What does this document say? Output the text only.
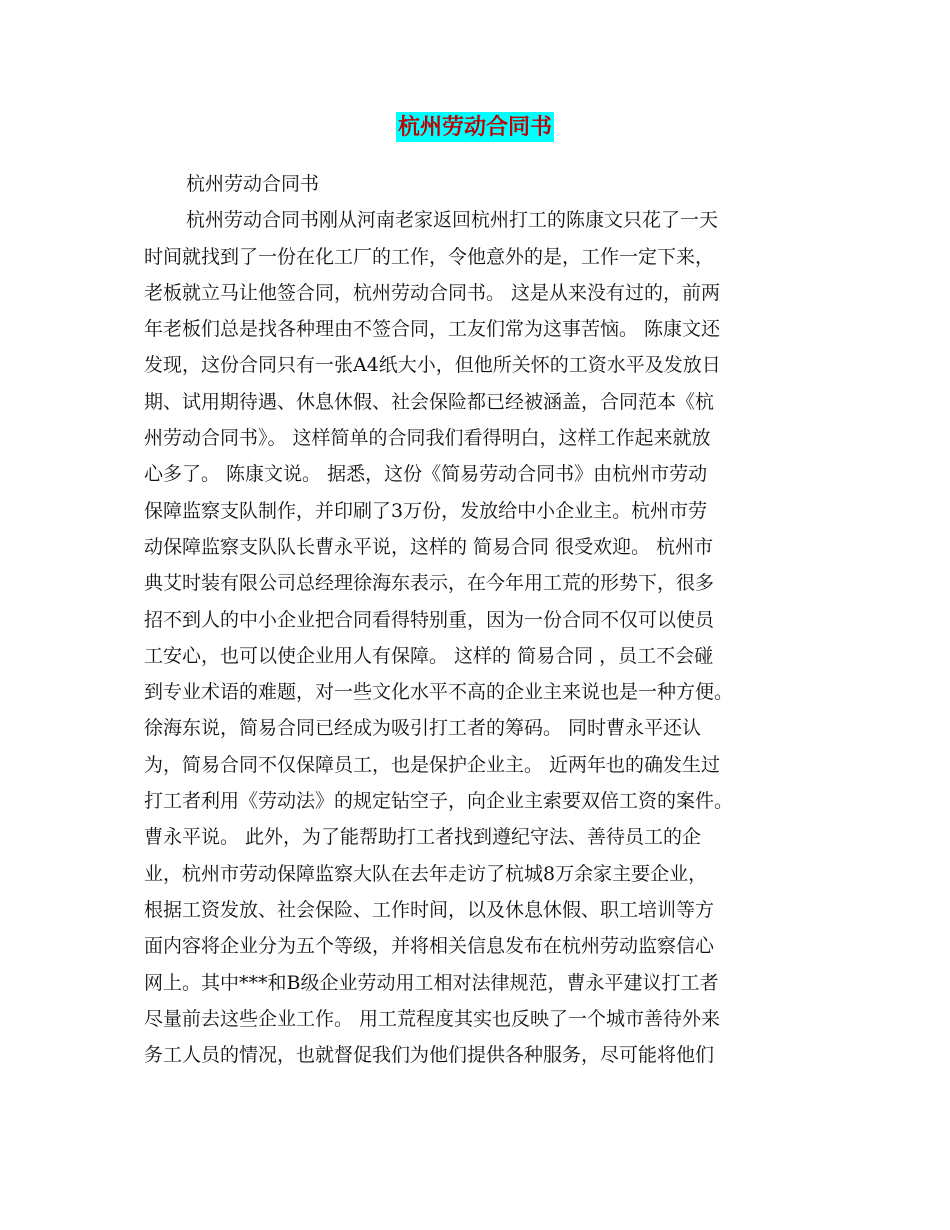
杭州劳动合同书
杭州劳动合同书
杭州劳动合同书刚从河南老家返回杭州打工的陈康文只花了一天
时间就找到了一份在化工厂的工作，令他意外的是，工作一定下来，
老板就立马让他签合同，杭州劳动合同书。 这是从来没有过的，前两
年老板们总是找各种理由不签合同，工友们常为这事苦恼。 陈康文还
发现，这份合同只有一张A4纸大小，但他所关怀的工资水平及发放日
期、试用期待遇、休息休假、社会保险都已经被涵盖，合同范本《杭
州劳动合同书》。 这样简单的合同我们看得明白，这样工作起来就放
心多了。 陈康文说。 据悉，这份《简易劳动合同书》由杭州市劳动
保障监察支队制作，并印刷了3万份，发放给中小企业主。杭州市劳
动保障监察支队队长曹永平说，这样的 简易合同 很受欢迎。 杭州市
典艾时装有限公司总经理徐海东表示，在今年用工荒的形势下，很多
招不到人的中小企业把合同看得特别重，因为一份合同不仅可以使员
工安心，也可以使企业用人有保障。 这样的 简易合同 ，员工不会碰
到专业术语的难题，对一些文化水平不高的企业主来说也是一种方便。
徐海东说，简易合同已经成为吸引打工者的筹码。 同时曹永平还认
为，简易合同不仅保障员工，也是保护企业主。 近两年也的确发生过
打工者利用《劳动法》的规定钻空子，向企业主索要双倍工资的案件。
曹永平说。 此外，为了能帮助打工者找到遵纪守法、善待员工的企
业，杭州市劳动保障监察大队在去年走访了杭城8万余家主要企业，
根据工资发放、社会保险、工作时间，以及休息休假、职工培训等方
面内容将企业分为五个等级，并将相关信息发布在杭州劳动监察信心
网上。其中***和B级企业劳动用工相对法律规范，曹永平建议打工者
尽量前去这些企业工作。 用工荒程度其实也反映了一个城市善待外来
务工人员的情况，也就督促我们为他们提供各种服务，尽可能将他们
